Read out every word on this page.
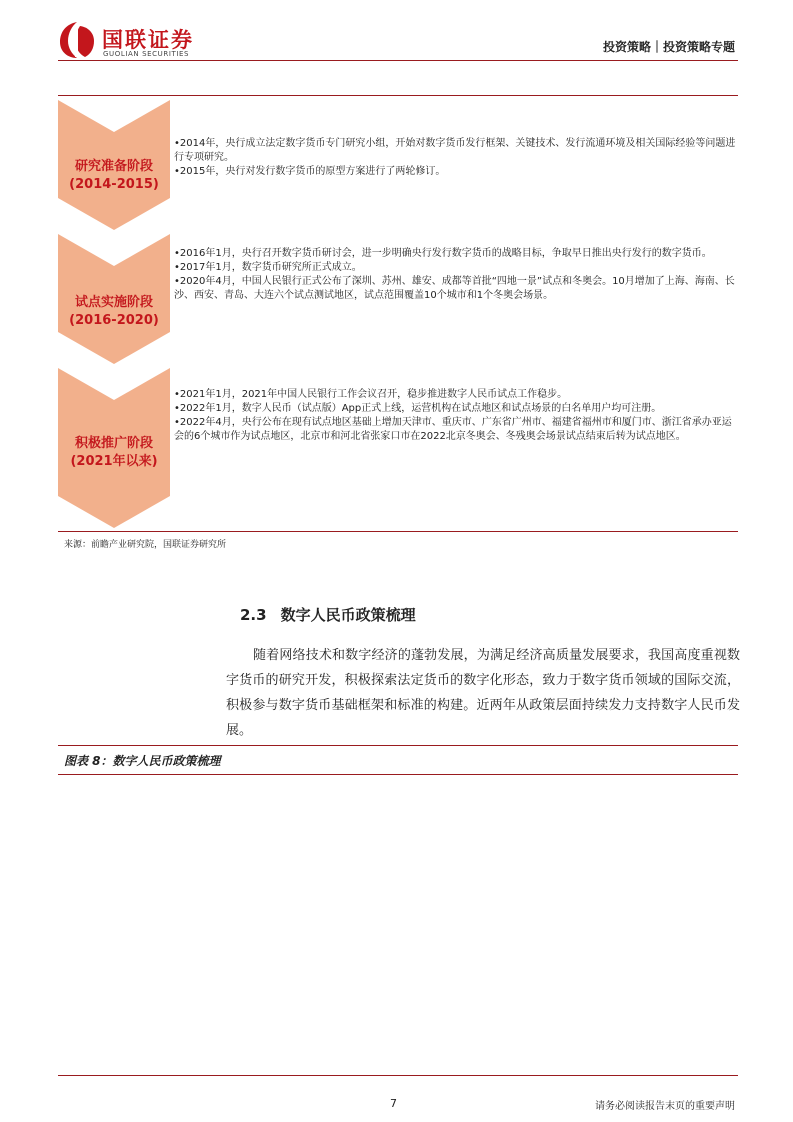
国联证券
GUOLIAN SECURITIES	投资策略｜投资策略专题
研究准备阶段
(2014-2015)

•2014年，央行成立法定数字货币专门研究小组，开始对数字货币发行框架、关键技术、发行流通环境及相关国际经验等问题进行专项研究。

•2015年，央行对发行数字货币的原型方案进行了两轮修订。

试点实施阶段
(2016-2020)

•2016年1月，央行召开数字货币研讨会，进一步明确央行发行数字货币的战略目标，争取早日推出央行发行的数字货币。

•2017年1月，数字货币研究所正式成立。

•2020年4月，中国人民银行正式公布了深圳、苏州、雄安、成都等首批“四地一景”试点和冬奥会。10月增加了上海、海南、长沙、西安、青岛、大连六个试点测试地区，试点范围覆盖10个城市和1个冬奥会场景。

积极推广阶段
(2021年以来)

•2021年1月，2021年中国人民银行工作会议召开，稳步推进数字人民币试点工作稳步。

•2022年1月，数字人民币（试点版）App正式上线，运营机构在试点地区和试点场景的白名单用户均可注册。

•2022年4月，央行公布在现有试点地区基础上增加天津市、重庆市、广东省广州市、福建省福州市和厦门市、浙江省承办亚运会的6个城市作为试点地区，北京市和河北省张家口市在2022北京冬奥会、冬残奥会场景试点结束后转为试点地区。

来源：前瞻产业研究院，国联证券研究所
2.3 数字人民币政策梳理
随着网络技术和数字经济的蓬勃发展，为满足经济高质量发展要求，我国高度重视数字货币的研究开发，积极探索法定货币的数字化形态，致力于数字货币领域的国际交流，积极参与数字货币基础框架和标准的构建。近两年从政策层面持续发力支持数字人民币发展。
图表 8：数字人民币政策梳理
7	请务必阅读报告末页的重要声明
